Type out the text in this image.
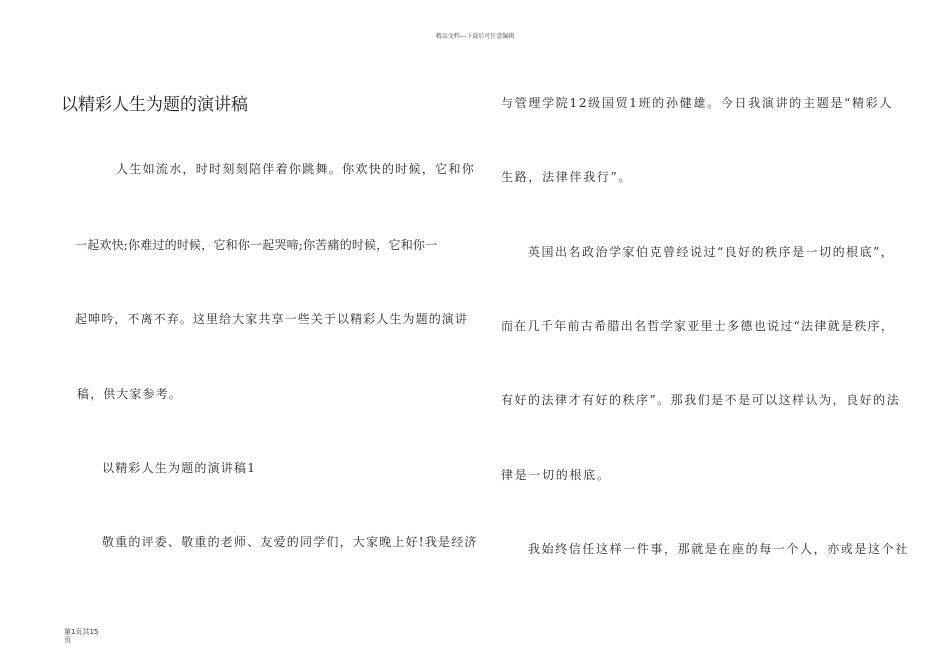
精品文档---下载后可任意编辑
以精彩人生为题的演讲稿
人生如流水，时时刻刻陪伴着你跳舞。你欢快的时候，它和你
一起欢快;你难过的时候，它和你一起哭啼;你苦痛的时候，它和你一
起呻吟，不离不弃。这里给大家共享一些关于以精彩人生为题的演讲
稿，供大家参考。
以精彩人生为题的演讲稿1
敬重的评委、敬重的老师、友爱的同学们，大家晚上好!我是经济
与管理学院12级国贸1班的孙健雄。今日我演讲的主题是“精彩人
生路，法律伴我行”。
英国出名政治学家伯克曾经说过“良好的秩序是一切的根底”，
而在几千年前古希腊出名哲学家亚里士多德也说过“法律就是秩序，
有好的法律才有好的秩序”。那我们是不是可以这样认为，良好的法
律是一切的根底。
我始终信任这样一件事，那就是在座的每一个人，亦或是这个社
第1页共15
页
